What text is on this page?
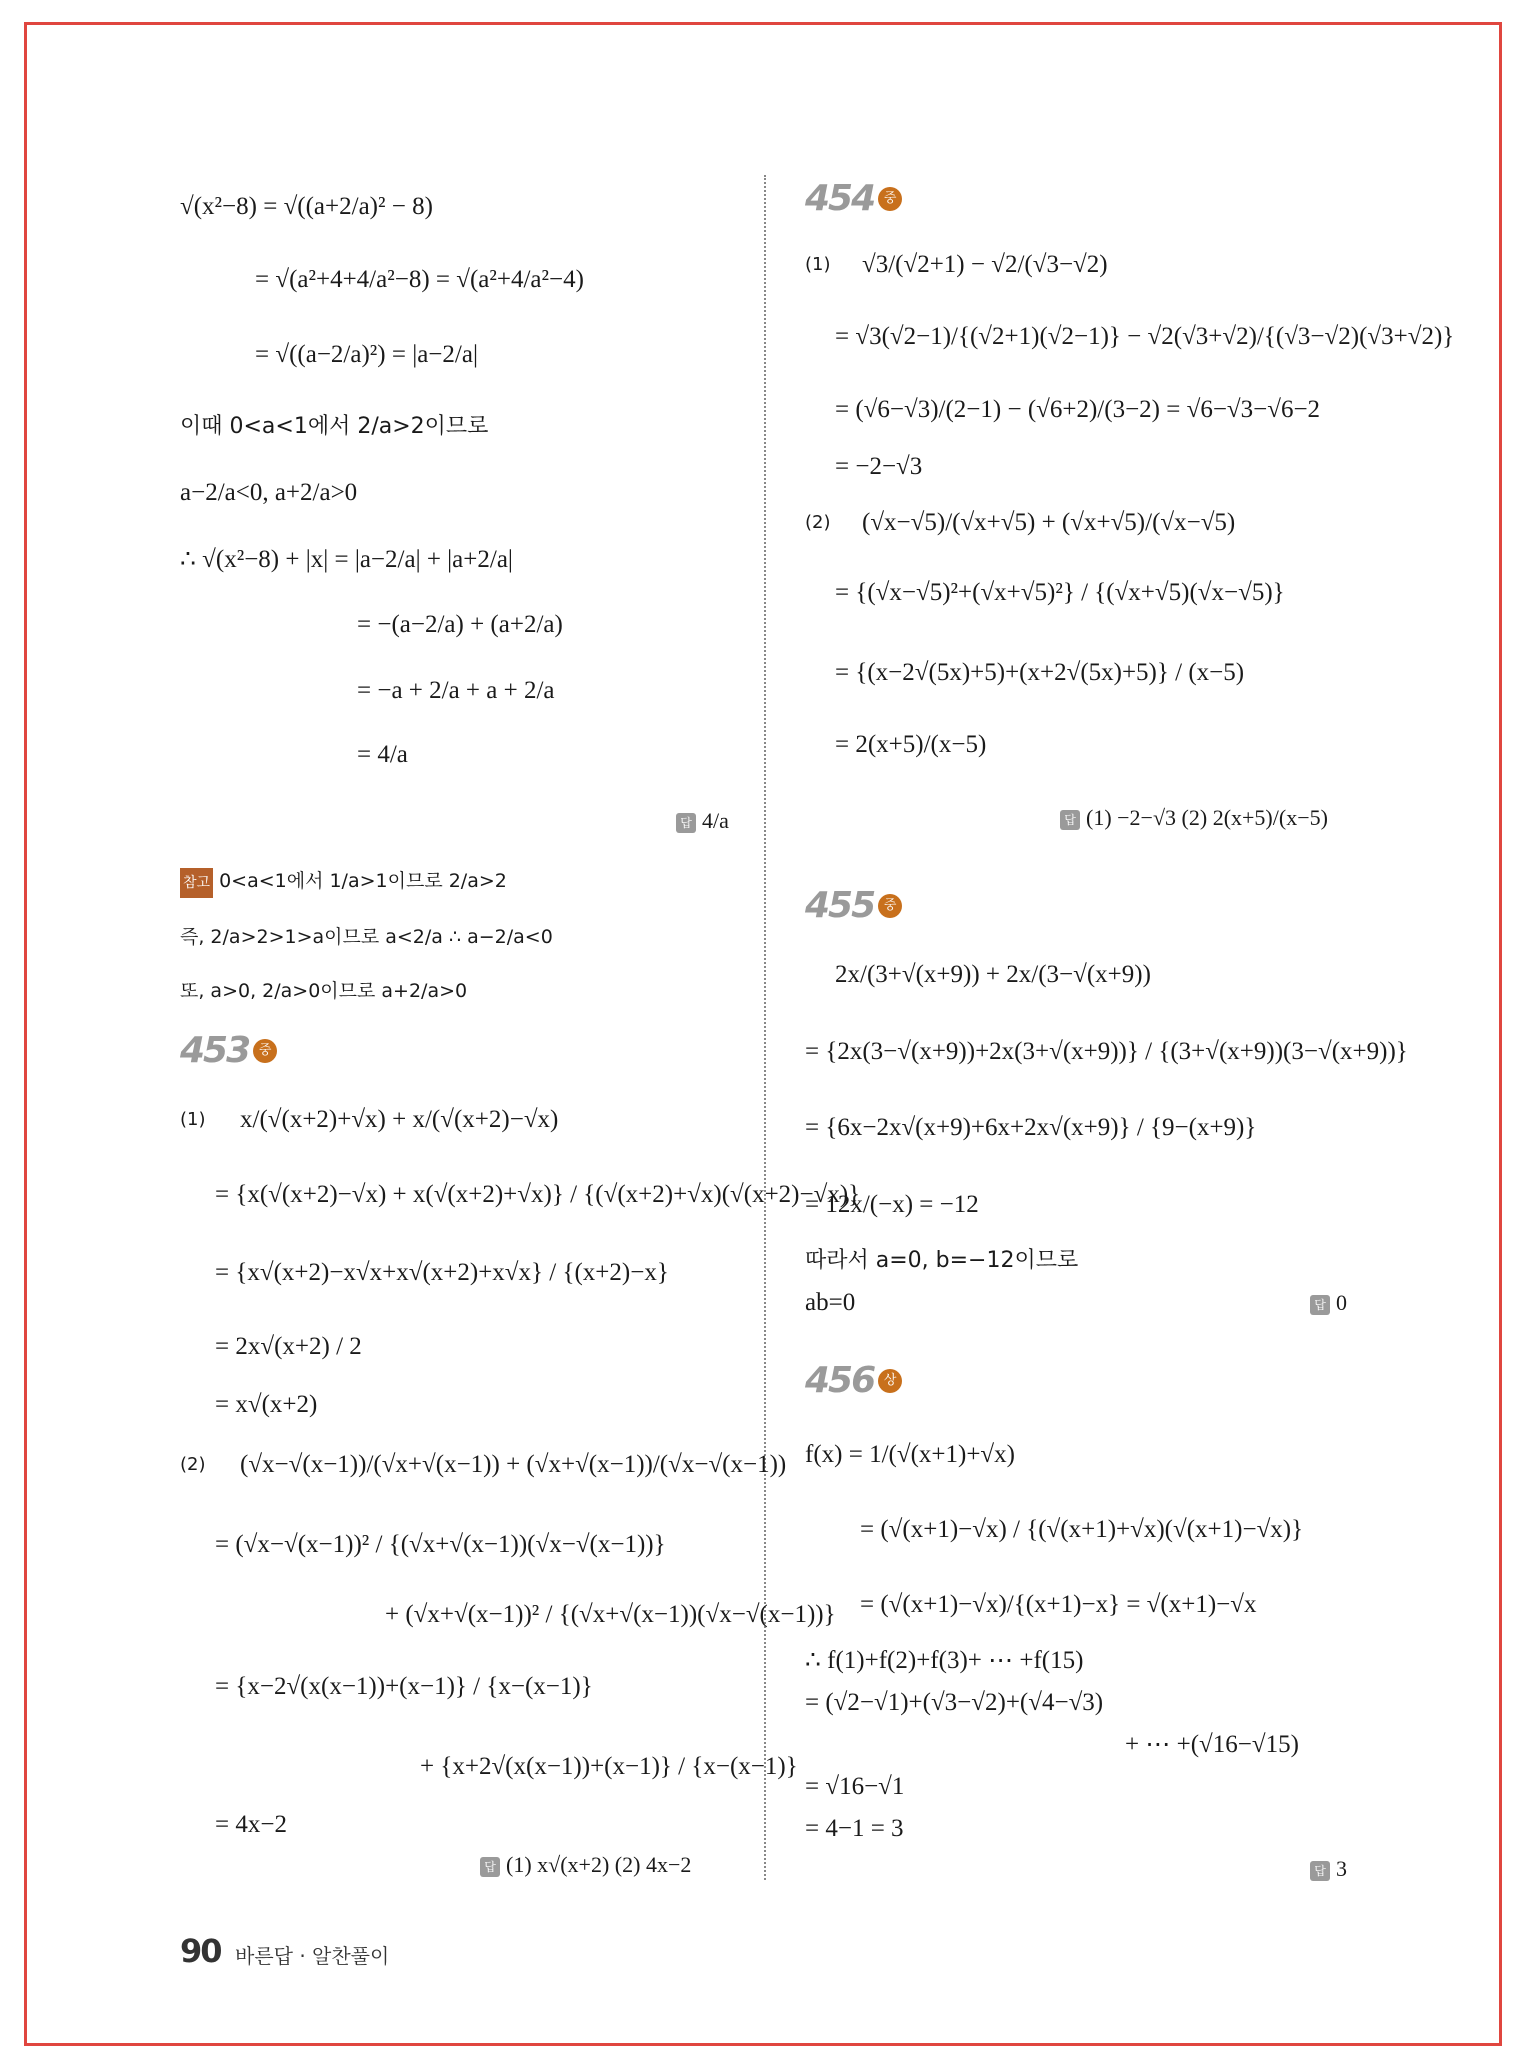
√(x²−8) = √((a+2/a)² − 8)
= √(a²+4+4/a²−8) = √(a²+4/a²−4)
= √((a−2/a)²) = |a−2/a|
이때 0<a<1에서 2/a>2이므로
a−2/a<0, a+2/a>0
∴ √(x²−8) + |x| = |a−2/a| + |a+2/a|
= −(a−2/a) + (a+2/a)
= −a + 2/a + a + 2/a
= 4/a
답 4/a
참고 0<a<1에서 1/a>1이므로 2/a>2
즉, 2/a>2>1>a이므로 a<2/a ∴ a−2/a<0
또, a>0, 2/a>0이므로 a+2/a>0
453 중
(1) x/(√(x+2)+√x) + x/(√(x+2)−√x)
= {x(√(x+2)−√x) + x(√(x+2)+√x)} / {(√(x+2)+√x)(√(x+2)−√x)}
= {x√(x+2)−x√x+x√(x+2)+x√x} / {(x+2)−x}
= 2x√(x+2) / 2
= x√(x+2)
(2) (√x−√(x−1))/(√x+√(x−1)) + (√x+√(x−1))/(√x−√(x−1))
= (√x−√(x−1))² / {(√x+√(x−1))(√x−√(x−1))}
+ (√x+√(x−1))² / {(√x+√(x−1))(√x−√(x−1))}
= {x−2√(x(x−1))+(x−1)} / {x−(x−1)}
+ {x+2√(x(x−1))+(x−1)} / {x−(x−1)}
= 4x−2
답 (1) x√(x+2) (2) 4x−2
454 중
(1) √3/(√2+1) − √2/(√3−√2)
= √3(√2−1)/{(√2+1)(√2−1)} − √2(√3+√2)/{(√3−√2)(√3+√2)}
= (√6−√3)/(2−1) − (√6+2)/(3−2) = √6−√3−√6−2
= −2−√3
(2) (√x−√5)/(√x+√5) + (√x+√5)/(√x−√5)
= {(√x−√5)²+(√x+√5)²} / {(√x+√5)(√x−√5)}
= {(x−2√(5x)+5)+(x+2√(5x)+5)} / (x−5)
= 2(x+5)/(x−5)
답 (1) −2−√3 (2) 2(x+5)/(x−5)
455 중
2x/(3+√(x+9)) + 2x/(3−√(x+9))
= {2x(3−√(x+9))+2x(3+√(x+9))} / {(3+√(x+9))(3−√(x+9))}
= {6x−2x√(x+9)+6x+2x√(x+9)} / {9−(x+9)}
= 12x/(−x) = −12
따라서 a=0, b=−12이므로
ab=0	답 0
456 상
f(x) = 1/(√(x+1)+√x)
= (√(x+1)−√x) / {(√(x+1)+√x)(√(x+1)−√x)}
= (√(x+1)−√x)/{(x+1)−x} = √(x+1)−√x
∴ f(1)+f(2)+f(3)+ ⋯ +f(15)
= (√2−√1)+(√3−√2)+(√4−√3)
+ ⋯ +(√16−√15)
= √16−√1
= 4−1 = 3
답 3
90 바른답 · 알찬풀이
